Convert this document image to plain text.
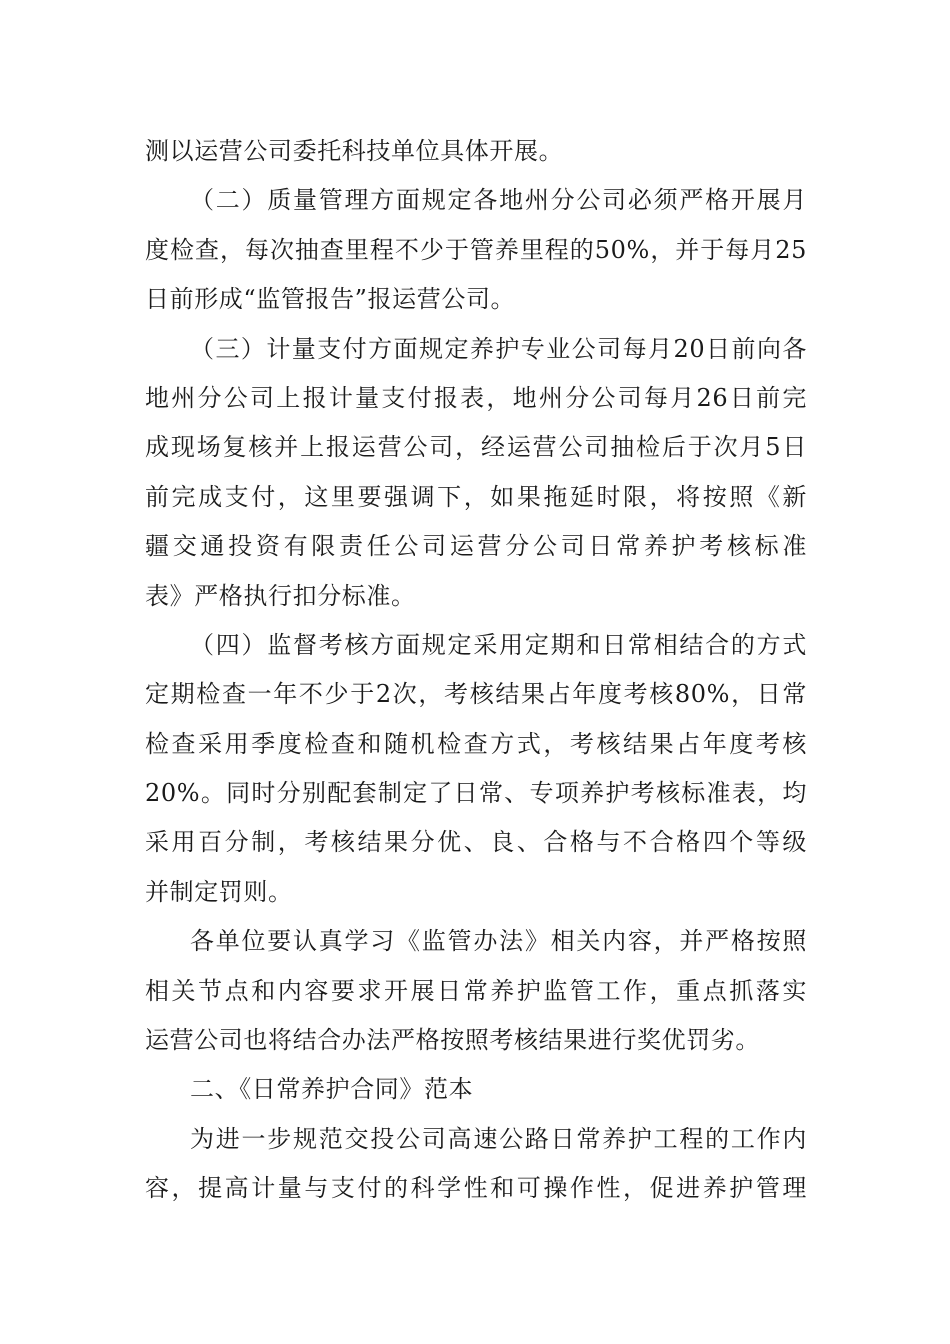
测以运营公司委托科技单位具体开展。
（二）质量管理方面规定各地州分公司必须严格开展月
度检查，每次抽查里程不少于管养里程的50%，并于每月25
日前形成“监管报告”报运营公司。
（三）计量支付方面规定养护专业公司每月20日前向各
地州分公司上报计量支付报表，地州分公司每月26日前完
成现场复核并上报运营公司，经运营公司抽检后于次月5日
前完成支付，这里要强调下，如果拖延时限，将按照《新
疆交通投资有限责任公司运营分公司日常养护考核标准
表》严格执行扣分标准。
（四）监督考核方面规定采用定期和日常相结合的方式
定期检查一年不少于2次，考核结果占年度考核80%，日常
检查采用季度检查和随机检查方式，考核结果占年度考核
20%。同时分别配套制定了日常、专项养护考核标准表，均
采用百分制，考核结果分优、良、合格与不合格四个等级
并制定罚则。
各单位要认真学习《监管办法》相关内容，并严格按照
相关节点和内容要求开展日常养护监管工作，重点抓落实
运营公司也将结合办法严格按照考核结果进行奖优罚劣。
二、《日常养护合同》范本
为进一步规范交投公司高速公路日常养护工程的工作内
容，提高计量与支付的科学性和可操作性，促进养护管理
